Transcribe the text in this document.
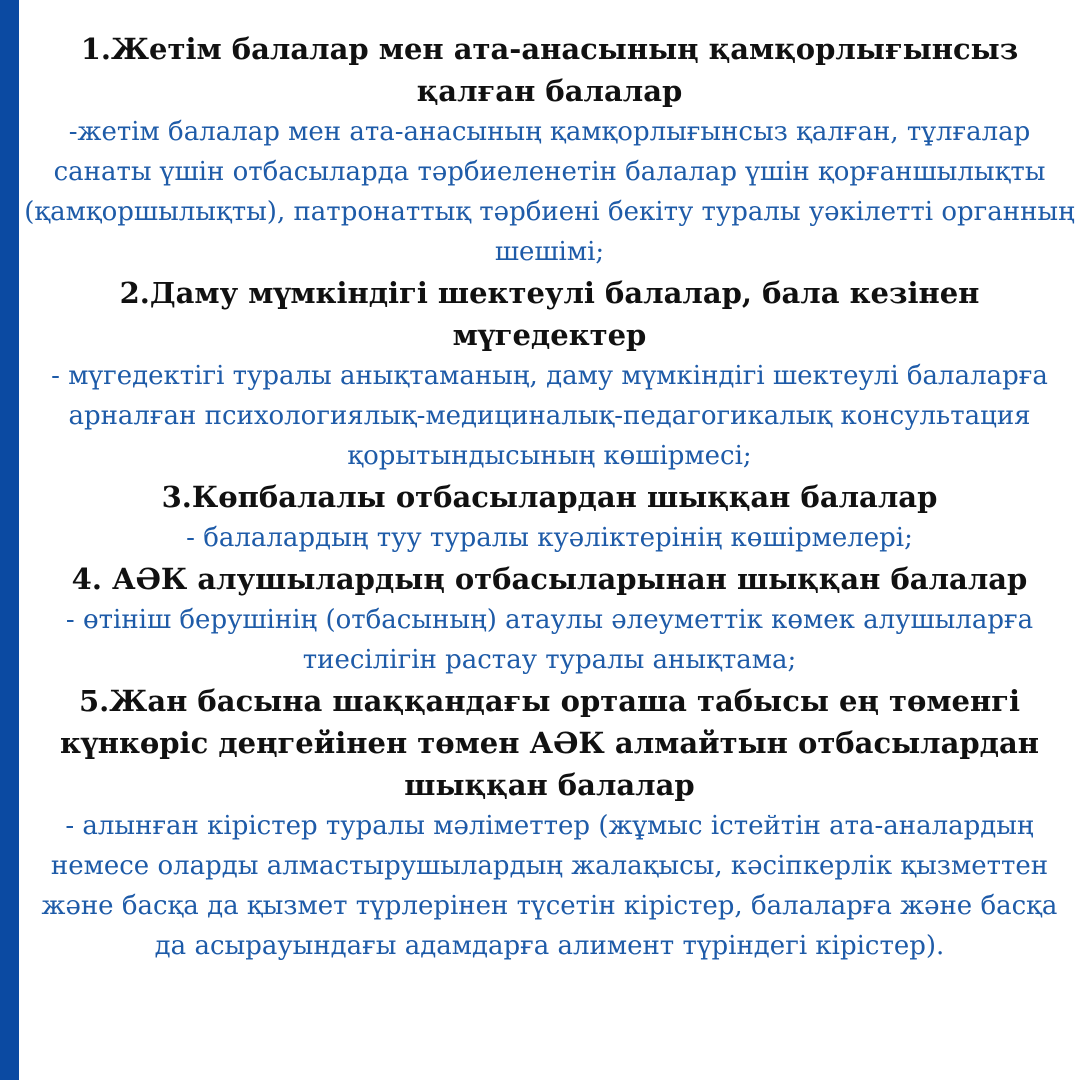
1.Жетім балалар мен ата-анасының қамқорлығынсыз қалған балалар

-жетім балалар мен ата-анасының қамқорлығынсыз қалған, тұлғалар санаты үшін отбасыларда тәрбиеленетін балалар үшін қорғаншылықты (қамқоршылықты), патронаттық тәрбиені бекіту туралы уәкілетті органның шешімі;

2.Даму мүмкіндігі шектеулі балалар, бала кезінен мүгедектер

- мүгедектігі туралы анықтаманың, даму мүмкіндігі шектеулі балаларға арналған психологиялық-медициналық-педагогикалық консультация қорытындысының көшірмесі;

3.Көпбалалы отбасылардан шыққан балалар

- балалардың туу туралы куәліктерінің көшірмелері;

4. АӘК алушылардың отбасыларынан шыққан балалар

- өтініш берушінің (отбасының) атаулы әлеуметтік көмек алушыларға тиесілігін растау туралы анықтама;

5.Жан басына шаққандағы орташа табысы ең төменгі күнкөріс деңгейінен төмен АӘК алмайтын отбасылардан шыққан балалар

- алынған кірістер туралы мәліметтер (жұмыс істейтін ата-аналардың немесе оларды алмастырушылардың жалақысы, кәсіпкерлік қызметтен және басқа да қызмет түрлерінен түсетін кірістер, балаларға және басқа да асырауындағы адамдарға алимент түріндегі кірістер).
